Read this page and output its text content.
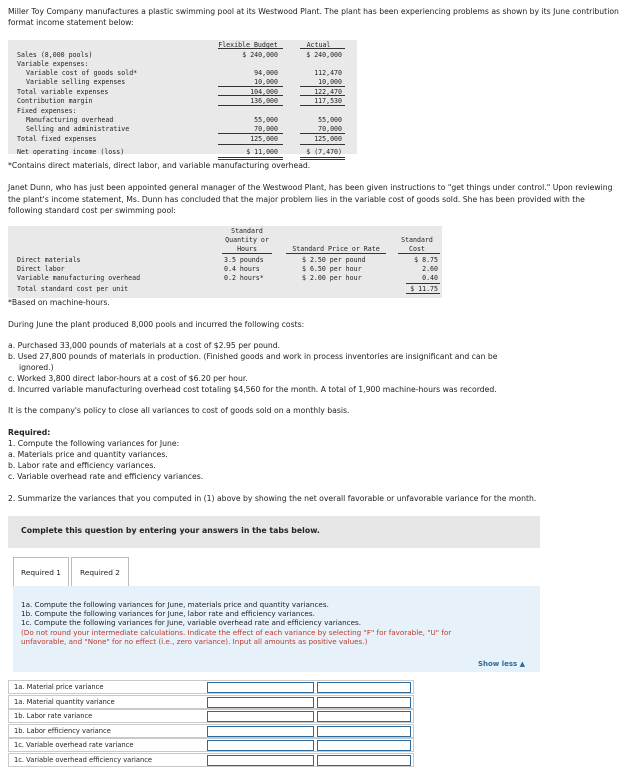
Miller Toy Company manufactures a plastic swimming pool at its Westwood Plant. The plant has been experiencing problems as shown by its June contribution format income statement below:
Flexible Budget	Actual
Sales (8,000 pools)	$ 240,000	$ 240,000
Variable expenses:
Variable cost of goods sold*	94,000	112,470
Variable selling expenses	10,000	10,000
Total variable expenses	104,000	122,470
Contribution margin	136,000	117,530
Fixed expenses:
Manufacturing overhead	55,000	55,000
Selling and administrative	70,000	70,000
Total fixed expenses	125,000	125,000
Net operating income (loss)	$ 11,000	$ (7,470)
*Contains direct materials, direct labor, and variable manufacturing overhead.
Janet Dunn, who has just been appointed general manager of the Westwood Plant, has been given instructions to "get things under control." Upon reviewing the plant's income statement, Ms. Dunn has concluded that the major problem lies in the variable cost of goods sold. She has been provided with the following standard cost per swimming pool:
Standard
Quantity or
Hours	Standard Price or Rate
Standard
Cost
Direct materials	3.5 pounds	$ 2.50 per pound	$ 8.75
Direct labor	0.4 hours	$ 6.50 per hour	2.60
Variable manufacturing overhead	0.2 hours*	$ 2.00 per hour	0.40
Total standard cost per unit	$ 11.75
*Based on machine-hours.
During June the plant produced 8,000 pools and incurred the following costs:
a. Purchased 33,000 pounds of materials at a cost of $2.95 per pound.
b. Used 27,800 pounds of materials in production. (Finished goods and work in process inventories are insignificant and can be
ignored.)
c. Worked 3,800 direct labor-hours at a cost of $6.20 per hour.
d. Incurred variable manufacturing overhead cost totaling $4,560 for the month. A total of 1,900 machine-hours was recorded.
It is the company's policy to close all variances to cost of goods sold on a monthly basis.
Required:
1. Compute the following variances for June:
a. Materials price and quantity variances.
b. Labor rate and efficiency variances.
c. Variable overhead rate and efficiency variances.
2. Summarize the variances that you computed in (1) above by showing the net overall favorable or unfavorable variance for the month.
Complete this question by entering your answers in the tabs below.
Required 1	Required 2
1a. Compute the following variances for June, materials price and quantity variances.
1b. Compute the following variances for June, labor rate and efficiency variances.
1c. Compute the following variances for June, variable overhead rate and efficiency variances.
(Do not round your intermediate calculations. Indicate the effect of each variance by selecting "F" for favorable, "U" for
unfavorable, and "None" for no effect (i.e., zero variance). Input all amounts as positive values.)
Show less ▲
1a. Material price variance
1a. Material quantity variance
1b. Labor rate variance
1b. Labor efficiency variance
1c. Variable overhead rate variance
1c. Variable overhead efficiency variance
